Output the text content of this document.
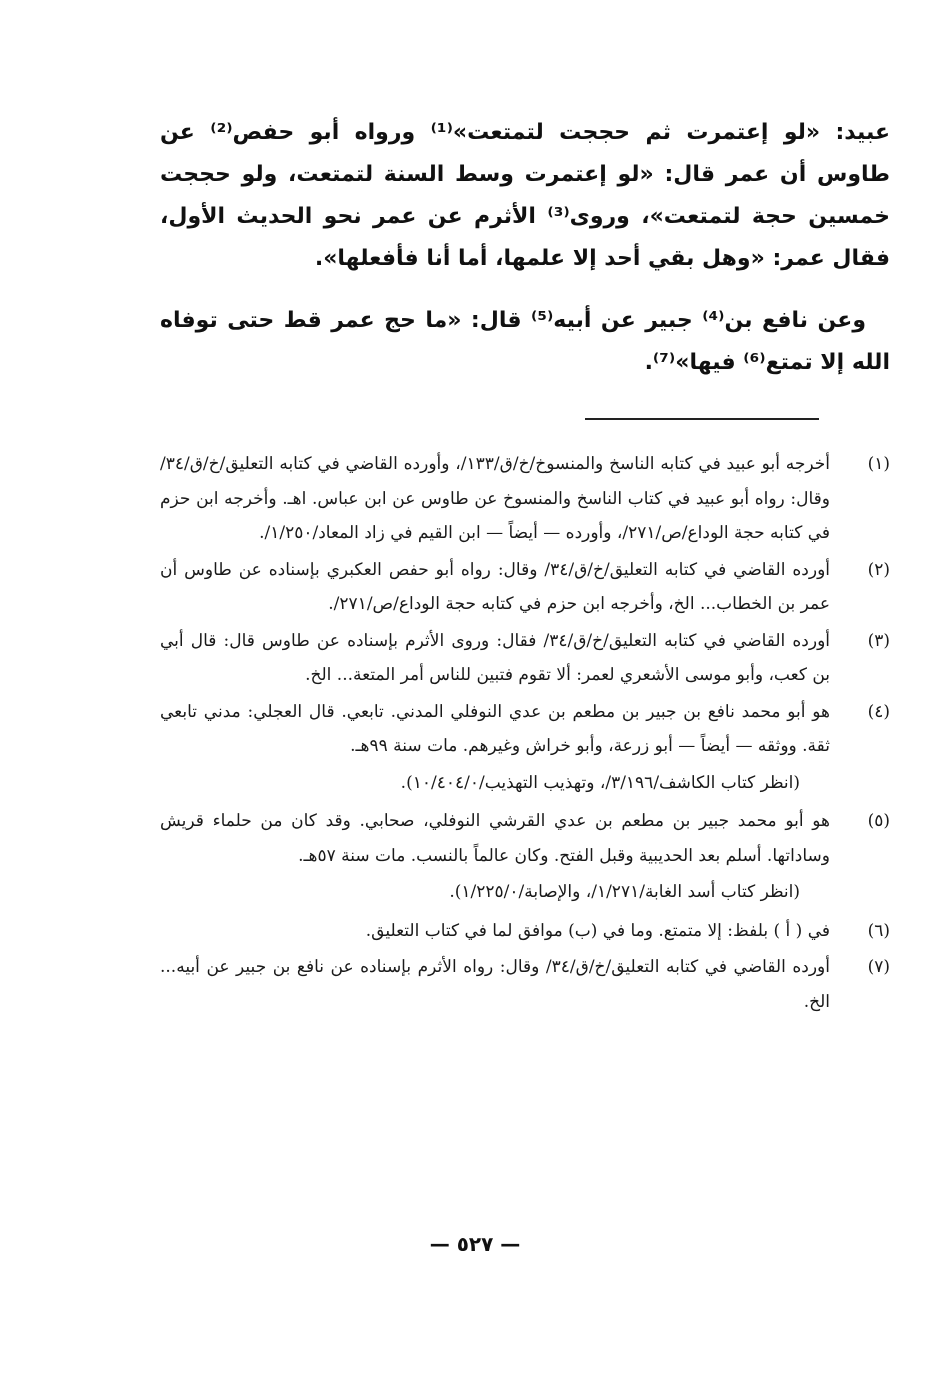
عبيد: «لو إعتمرت ثم حججت لتمتعت»⁽¹⁾ ورواه أبو حفص⁽²⁾ عن طاوس أن عمر قال: «لو إعتمرت وسط السنة لتمتعت، ولو حججت خمسين حجة لتمتعت»، وروى⁽³⁾ الأثرم عن عمر نحو الحديث الأول، فقال عمر: «وهل بقي أحد إلا علمها، أما أنا فأفعلها».

وعن نافع بن⁽⁴⁾ جبير عن أبيه⁽⁵⁾ قال: «ما حج عمر قط حتى توفاه الله إلا تمتع⁽⁶⁾ فيها»⁽⁷⁾.

(١)
أخرجه أبو عبيد في كتابه الناسخ والمنسوخ/خ/ق/١٣٣/، وأورده القاضي في كتابه التعليق/خ/ق/٣٤/ وقال: رواه أبو عبيد في كتاب الناسخ والمنسوخ عن طاوس عن ابن عباس. اهـ. وأخرجه ابن حزم في كتابه حجة الوداع/ص/٢٧١/، وأورده — أيضاً — ابن القيم في زاد المعاد/١/٢٥٠/.
(٢)
أورده القاضي في كتابه التعليق/خ/ق/٣٤/ وقال: رواه أبو حفص العكبري بإسناده عن طاوس أن عمر بن الخطاب... الخ، وأخرجه ابن حزم في كتابه حجة الوداع/ص/٢٧١/.
(٣)
أورده القاضي في كتابه التعليق/خ/ق/٣٤/ فقال: وروى الأثرم بإسناده عن طاوس قال: قال أبي بن كعب، وأبو موسى الأشعري لعمر: ألا تقوم فتبين للناس أمر المتعة... الخ.
(٤)
هو أبو محمد نافع بن جبير بن مطعم بن عدي النوفلي المدني. تابعي. قال العجلي: مدني تابعي ثقة. ووثقه — أيضاً — أبو زرعة، وأبو خراش وغيرهم. مات سنة ٩٩هـ.
(انظر كتاب الكاشف/٣/١٩٦/، وتهذيب التهذيب/١٠/٤٠٤/٠).
(٥)
هو أبو محمد جبير بن مطعم بن عدي القرشي النوفلي، صحابي. وقد كان من حلماء قريش وساداتها. أسلم بعد الحديبية وقبل الفتح. وكان عالماً بالنسب. مات سنة ٥٧هـ.
(انظر كتاب أسد الغابة/١/٢٧١/، والإصابة/١/٢٢٥/٠).
(٦)
في ( أ ) بلفظ: إلا متمتع. وما في (ب) موافق لما في كتاب التعليق.
(٧)
أورده القاضي في كتابه التعليق/خ/ق/٣٤/ وقال: رواه الأثرم بإسناده عن نافع بن جبير عن أبيه... الخ.
— ٥٢٧ —
